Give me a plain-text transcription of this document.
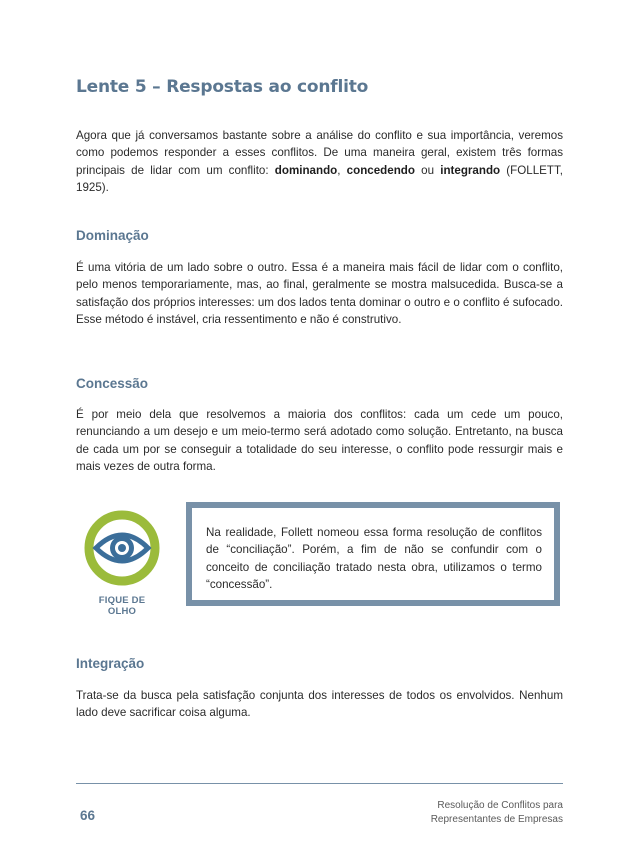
Lente 5 – Respostas ao conflito

Agora que já conversamos bastante sobre a análise do conflito e sua importância, veremos como podemos responder a esses conflitos. De uma maneira geral, existem três formas principais de lidar com um conflito: dominando, concedendo ou integrando (FOLLETT, 1925).

Dominação

É uma vitória de um lado sobre o outro. Essa é a maneira mais fácil de lidar com o conflito, pelo menos temporariamente, mas, ao final, geralmente se mostra malsucedida. Busca-se a satisfação dos próprios interesses: um dos lados tenta dominar o outro e o conflito é sufocado. Esse método é instável, cria ressentimento e não é construtivo.

Concessão

É por meio dela que resolvemos a maioria dos conflitos: cada um cede um pouco, renunciando a um desejo e um meio-termo será adotado como solução. Entretanto, na busca de cada um por se conseguir a totalidade do seu interesse, o conflito pode ressurgir mais e mais vezes de outra forma.

FIQUE DE OLHO

Na realidade, Follett nomeou essa forma resolução de conflitos de “conciliação”. Porém, a fim de não se confundir com o conceito de conciliação tratado nesta obra, utilizamos o termo “concessão”.

Integração

Trata-se da busca pela satisfação conjunta dos interesses de todos os envolvidos. Nenhum lado deve sacrificar coisa alguma.

66

Resolução de Conflitos para
Representantes de Empresas
